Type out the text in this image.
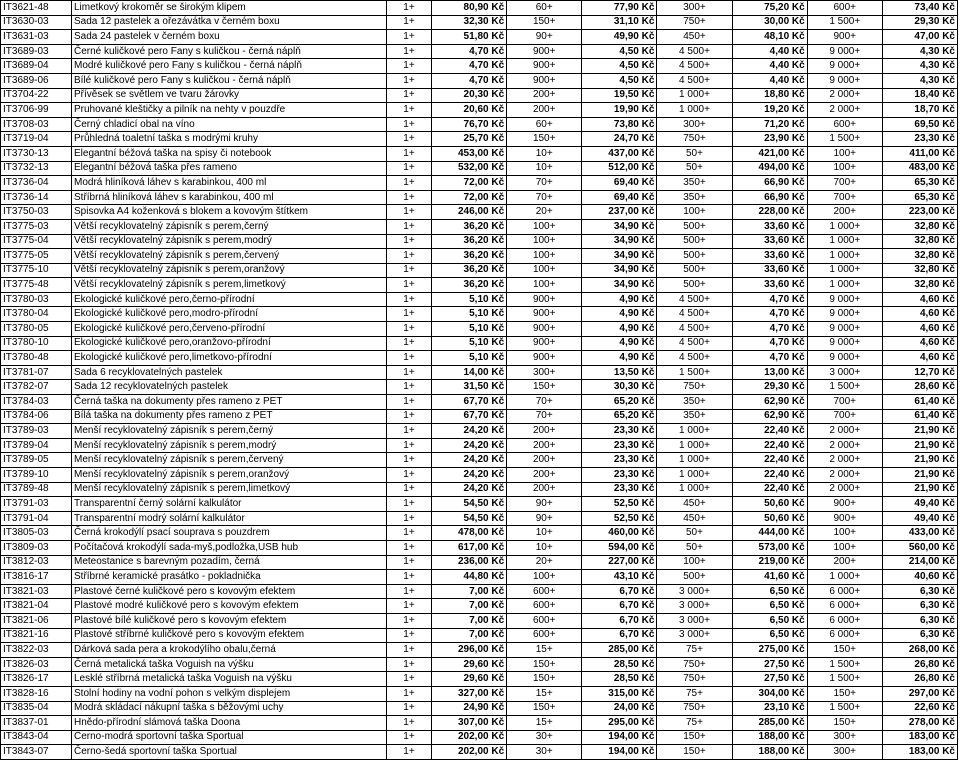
IT3621-48	Limetkový krokoměr se širokým klipem	1+	80,90 Kč	60+	77,90 Kč	300+	75,20 Kč	600+	73,40 Kč
IT3630-03	Sada 12 pastelek a ořezávátka v černém boxu	1+	32,30 Kč	150+	31,10 Kč	750+	30,00 Kč	1 500+	29,30 Kč
IT3631-03	Sada 24 pastelek v černém boxu	1+	51,80 Kč	90+	49,90 Kč	450+	48,10 Kč	900+	47,00 Kč
IT3689-03	Černé kuličkové pero Fany s kuličkou - černá náplň	1+	4,70 Kč	900+	4,50 Kč	4 500+	4,40 Kč	9 000+	4,30 Kč
IT3689-04	Modré kuličkové pero Fany s kuličkou - černá náplň	1+	4,70 Kč	900+	4,50 Kč	4 500+	4,40 Kč	9 000+	4,30 Kč
IT3689-06	Bílé kuličkové pero Fany s kuličkou - černá náplň	1+	4,70 Kč	900+	4,50 Kč	4 500+	4,40 Kč	9 000+	4,30 Kč
IT3704-22	Přívěsek se světlem ve tvaru žárovky	1+	20,30 Kč	200+	19,50 Kč	1 000+	18,80 Kč	2 000+	18,40 Kč
IT3706-99	Pruhované kleštičky a pilník na nehty v pouzdře	1+	20,60 Kč	200+	19,90 Kč	1 000+	19,20 Kč	2 000+	18,70 Kč
IT3708-03	Černý chladicí obal na víno	1+	76,70 Kč	60+	73,80 Kč	300+	71,20 Kč	600+	69,50 Kč
IT3719-04	Průhledná toaletní taška s modrými kruhy	1+	25,70 Kč	150+	24,70 Kč	750+	23,90 Kč	1 500+	23,30 Kč
IT3730-13	Elegantní béžová taška na spisy či notebook	1+	453,00 Kč	10+	437,00 Kč	50+	421,00 Kč	100+	411,00 Kč
IT3732-13	Elegantní béžová taška přes rameno	1+	532,00 Kč	10+	512,00 Kč	50+	494,00 Kč	100+	483,00 Kč
IT3736-04	Modrá hliníková láhev s karabinkou, 400 ml	1+	72,00 Kč	70+	69,40 Kč	350+	66,90 Kč	700+	65,30 Kč
IT3736-14	Stříbrná hliníková láhev s karabinkou, 400 ml	1+	72,00 Kč	70+	69,40 Kč	350+	66,90 Kč	700+	65,30 Kč
IT3750-03	Spisovka A4 koženková s blokem a kovovým štítkem	1+	246,00 Kč	20+	237,00 Kč	100+	228,00 Kč	200+	223,00 Kč
IT3775-03	Větší recyklovatelný zápisník s perem,černý	1+	36,20 Kč	100+	34,90 Kč	500+	33,60 Kč	1 000+	32,80 Kč
IT3775-04	Větší recyklovatelný zápisník s perem,modrý	1+	36,20 Kč	100+	34,90 Kč	500+	33,60 Kč	1 000+	32,80 Kč
IT3775-05	Větší recyklovatelný zápisník s perem,červený	1+	36,20 Kč	100+	34,90 Kč	500+	33,60 Kč	1 000+	32,80 Kč
IT3775-10	Větší recyklovatelný zápisník s perem,oranžový	1+	36,20 Kč	100+	34,90 Kč	500+	33,60 Kč	1 000+	32,80 Kč
IT3775-48	Větší recyklovatelný zápisník s perem,limetkový	1+	36,20 Kč	100+	34,90 Kč	500+	33,60 Kč	1 000+	32,80 Kč
IT3780-03	Ekologické kuličkové pero,černo-přírodní	1+	5,10 Kč	900+	4,90 Kč	4 500+	4,70 Kč	9 000+	4,60 Kč
IT3780-04	Ekologické kuličkové pero,modro-přírodní	1+	5,10 Kč	900+	4,90 Kč	4 500+	4,70 Kč	9 000+	4,60 Kč
IT3780-05	Ekologické kuličkové pero,červeno-přírodní	1+	5,10 Kč	900+	4,90 Kč	4 500+	4,70 Kč	9 000+	4,60 Kč
IT3780-10	Ekologické kuličkové pero,oranžovo-přírodní	1+	5,10 Kč	900+	4,90 Kč	4 500+	4,70 Kč	9 000+	4,60 Kč
IT3780-48	Ekologické kuličkové pero,limetkovo-přírodní	1+	5,10 Kč	900+	4,90 Kč	4 500+	4,70 Kč	9 000+	4,60 Kč
IT3781-07	Sada 6 recyklovatelných pastelek	1+	14,00 Kč	300+	13,50 Kč	1 500+	13,00 Kč	3 000+	12,70 Kč
IT3782-07	Sada 12 recyklovatelných pastelek	1+	31,50 Kč	150+	30,30 Kč	750+	29,30 Kč	1 500+	28,60 Kč
IT3784-03	Černá taška na dokumenty přes rameno z PET	1+	67,70 Kč	70+	65,20 Kč	350+	62,90 Kč	700+	61,40 Kč
IT3784-06	Bílá taška na dokumenty přes rameno z PET	1+	67,70 Kč	70+	65,20 Kč	350+	62,90 Kč	700+	61,40 Kč
IT3789-03	Menší recyklovatelný zápisník s perem,černý	1+	24,20 Kč	200+	23,30 Kč	1 000+	22,40 Kč	2 000+	21,90 Kč
IT3789-04	Menší recyklovatelný zápisník s perem,modrý	1+	24,20 Kč	200+	23,30 Kč	1 000+	22,40 Kč	2 000+	21,90 Kč
IT3789-05	Menší recyklovatelný zápisník s perem,červený	1+	24,20 Kč	200+	23,30 Kč	1 000+	22,40 Kč	2 000+	21,90 Kč
IT3789-10	Menší recyklovatelný zápisník s perem,oranžový	1+	24,20 Kč	200+	23,30 Kč	1 000+	22,40 Kč	2 000+	21,90 Kč
IT3789-48	Menší recyklovatelný zápisník s perem,limetkový	1+	24,20 Kč	200+	23,30 Kč	1 000+	22,40 Kč	2 000+	21,90 Kč
IT3791-03	Transparentní černý solární kalkulátor	1+	54,50 Kč	90+	52,50 Kč	450+	50,60 Kč	900+	49,40 Kč
IT3791-04	Transparentní modrý solární kalkulátor	1+	54,50 Kč	90+	52,50 Kč	450+	50,60 Kč	900+	49,40 Kč
IT3805-03	Černá krokodýlí psací souprava s pouzdrem	1+	478,00 Kč	10+	460,00 Kč	50+	444,00 Kč	100+	433,00 Kč
IT3809-03	Počítačová krokodýlí sada-myš,podložka,USB hub	1+	617,00 Kč	10+	594,00 Kč	50+	573,00 Kč	100+	560,00 Kč
IT3812-03	Meteostanice s barevným pozadím, černá	1+	236,00 Kč	20+	227,00 Kč	100+	219,00 Kč	200+	214,00 Kč
IT3816-17	Stříbrné keramické prasátko - pokladnička	1+	44,80 Kč	100+	43,10 Kč	500+	41,60 Kč	1 000+	40,60 Kč
IT3821-03	Plastové černé kuličkové pero s kovovým efektem	1+	7,00 Kč	600+	6,70 Kč	3 000+	6,50 Kč	6 000+	6,30 Kč
IT3821-04	Plastové modré kuličkové pero s kovovým efektem	1+	7,00 Kč	600+	6,70 Kč	3 000+	6,50 Kč	6 000+	6,30 Kč
IT3821-06	Plastové bílé kuličkové pero s kovovým efektem	1+	7,00 Kč	600+	6,70 Kč	3 000+	6,50 Kč	6 000+	6,30 Kč
IT3821-16	Plastové stříbrné kuličkové pero s kovovým efektem	1+	7,00 Kč	600+	6,70 Kč	3 000+	6,50 Kč	6 000+	6,30 Kč
IT3822-03	Dárková sada pera a krokodýlího obalu,černá	1+	296,00 Kč	15+	285,00 Kč	75+	275,00 Kč	150+	268,00 Kč
IT3826-03	Černá metalická taška Voguish na výšku	1+	29,60 Kč	150+	28,50 Kč	750+	27,50 Kč	1 500+	26,80 Kč
IT3826-17	Lesklé stříbrná metalická taška Voguish na výšku	1+	29,60 Kč	150+	28,50 Kč	750+	27,50 Kč	1 500+	26,80 Kč
IT3828-16	Stolní hodiny na vodní pohon s velkým displejem	1+	327,00 Kč	15+	315,00 Kč	75+	304,00 Kč	150+	297,00 Kč
IT3835-04	Modrá skládací nákupní taška s běžovými uchy	1+	24,90 Kč	150+	24,00 Kč	750+	23,10 Kč	1 500+	22,60 Kč
IT3837-01	Hnědo-přírodní slámová taška Doona	1+	307,00 Kč	15+	295,00 Kč	75+	285,00 Kč	150+	278,00 Kč
IT3843-04	Černo-modrá sportovní taška Sportual	1+	202,00 Kč	30+	194,00 Kč	150+	188,00 Kč	300+	183,00 Kč
IT3843-07	Černo-šedá sportovní taška Sportual	1+	202,00 Kč	30+	194,00 Kč	150+	188,00 Kč	300+	183,00 Kč
